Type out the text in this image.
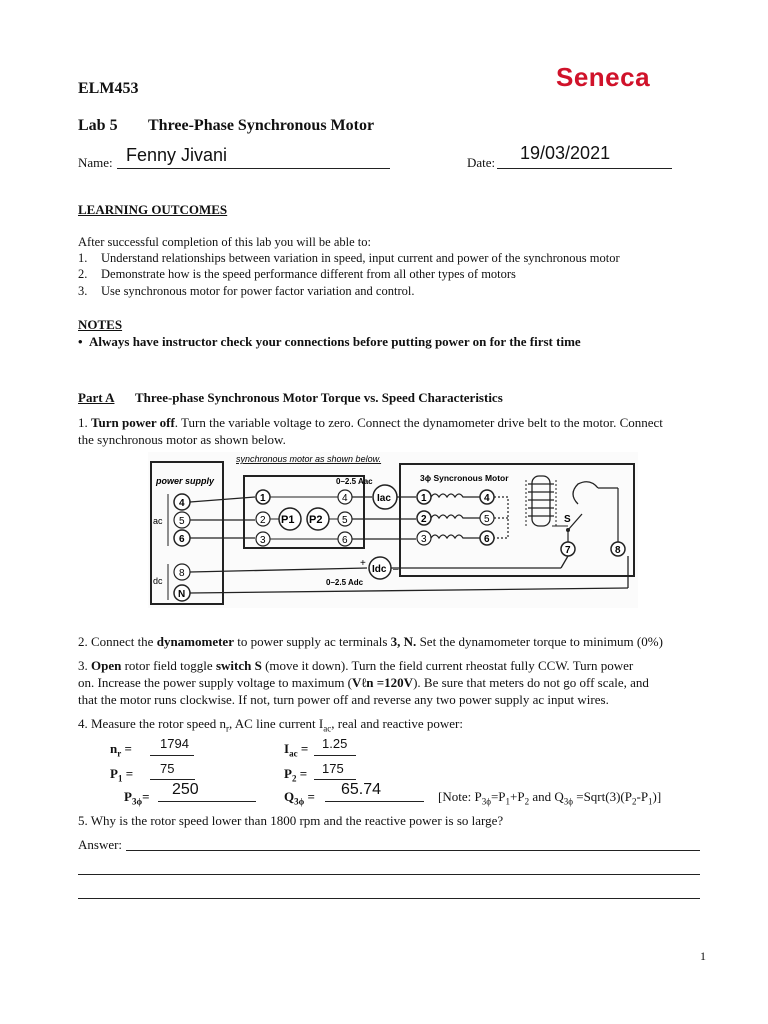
ELM453	Seneca
Lab 5 Three-Phase Synchronous Motor
Name: Fenny Jivani	Date: 19/03/2021
LEARNING OUTCOMES
After successful completion of this lab you will be able to:
1. Understand relationships between variation in speed, input current and power of the synchronous motor
2. Demonstrate how is the speed performance different from all other types of motors
3. Use synchronous motor for power factor variation and control.
NOTES
• Always have instructor check your connections before putting power on for the first time
Part A Three-phase Synchronous Motor Torque vs. Speed Characteristics
1. Turn power off. Turn the variable voltage to zero. Connect the dynamometer drive belt to the motor. Connect
the synchronous motor as shown below.
synchronous motor as shown below.
power supply
ac
dc
4
5
6
8
N
1
2
3
4
5
6
P1 P2
0–2.5 Aac
Iac
3ϕ Syncronous Motor
1
2
3
4
5
6
S
7	8
+
Idc –
0–2.5 Adc
2. Connect the dynamometer to power supply ac terminals 3, N. Set the dynamometer torque to minimum (0%)
3. Open rotor field toggle switch S (move it down). Turn the field current rheostat fully CCW. Turn power
on. Increase the power supply voltage to maximum (Vℓn =120V). Be sure that meters do not go off scale, and
that the motor runs clockwise. If not, turn power off and reverse any two power supply ac input wires.
4. Measure the rotor speed $n_r$, AC line current $I_{ac}$, real and reactive power:
$n_r = 1794$	$I_{ac} = 1.25$
$P_1 = 75$	$P_2 = 175$
$P_{3\phi}= 250$	$Q_{3\phi} = 65.74$	[Note: $P_{3\phi}=P_1+P_2$ and $Q_{3\phi}$ $=Sqrt(3)(P_2-P_1)$]
5. Why is the rotor speed lower than 1800 rpm and the reactive power is so large?
Answer:
1
